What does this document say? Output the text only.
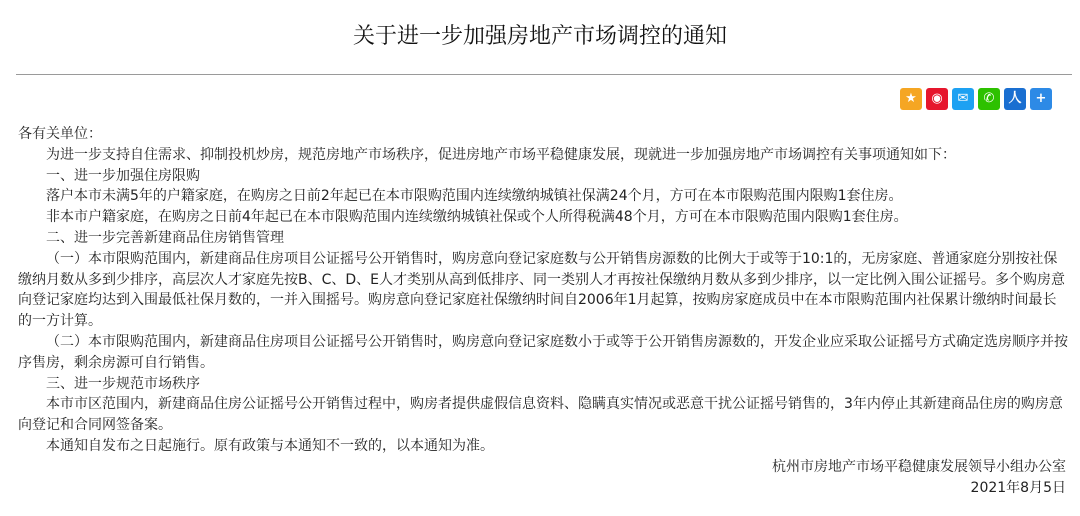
关于进一步加强房地产市场调控的通知
★	◉	✉	✆	人	+

各有关单位：

为进一步支持自住需求、抑制投机炒房，规范房地产市场秩序，促进房地产市场平稳健康发展，现就进一步加强房地产市场调控有关事项通知如下：

一、进一步加强住房限购

落户本市未满5年的户籍家庭，在购房之日前2年起已在本市限购范围内连续缴纳城镇社保满24个月，方可在本市限购范围内限购1套住房。

非本市户籍家庭，在购房之日前4年起已在本市限购范围内连续缴纳城镇社保或个人所得税满48个月，方可在本市限购范围内限购1套住房。

二、进一步完善新建商品住房销售管理

（一）本市限购范围内，新建商品住房项目公证摇号公开销售时，购房意向登记家庭数与公开销售房源数的比例大于或等于10:1的，无房家庭、普通家庭分别按社保缴纳月数从多到少排序，高层次人才家庭先按B、C、D、E人才类别从高到低排序、同一类别人才再按社保缴纳月数从多到少排序，以一定比例入围公证摇号。多个购房意向登记家庭均达到入围最低社保月数的，一并入围摇号。购房意向登记家庭社保缴纳时间自2006年1月起算，按购房家庭成员中在本市限购范围内社保累计缴纳时间最长的一方计算。

（二）本市限购范围内，新建商品住房项目公证摇号公开销售时，购房意向登记家庭数小于或等于公开销售房源数的，开发企业应采取公证摇号方式确定选房顺序并按序售房，剩余房源可自行销售。

三、进一步规范市场秩序

本市市区范围内，新建商品住房公证摇号公开销售过程中，购房者提供虚假信息资料、隐瞒真实情况或恶意干扰公证摇号销售的，3年内停止其新建商品住房的购房意向登记和合同网签备案。

本通知自发布之日起施行。原有政策与本通知不一致的，以本通知为准。

杭州市房地产市场平稳健康发展领导小组办公室

2021年8月5日
